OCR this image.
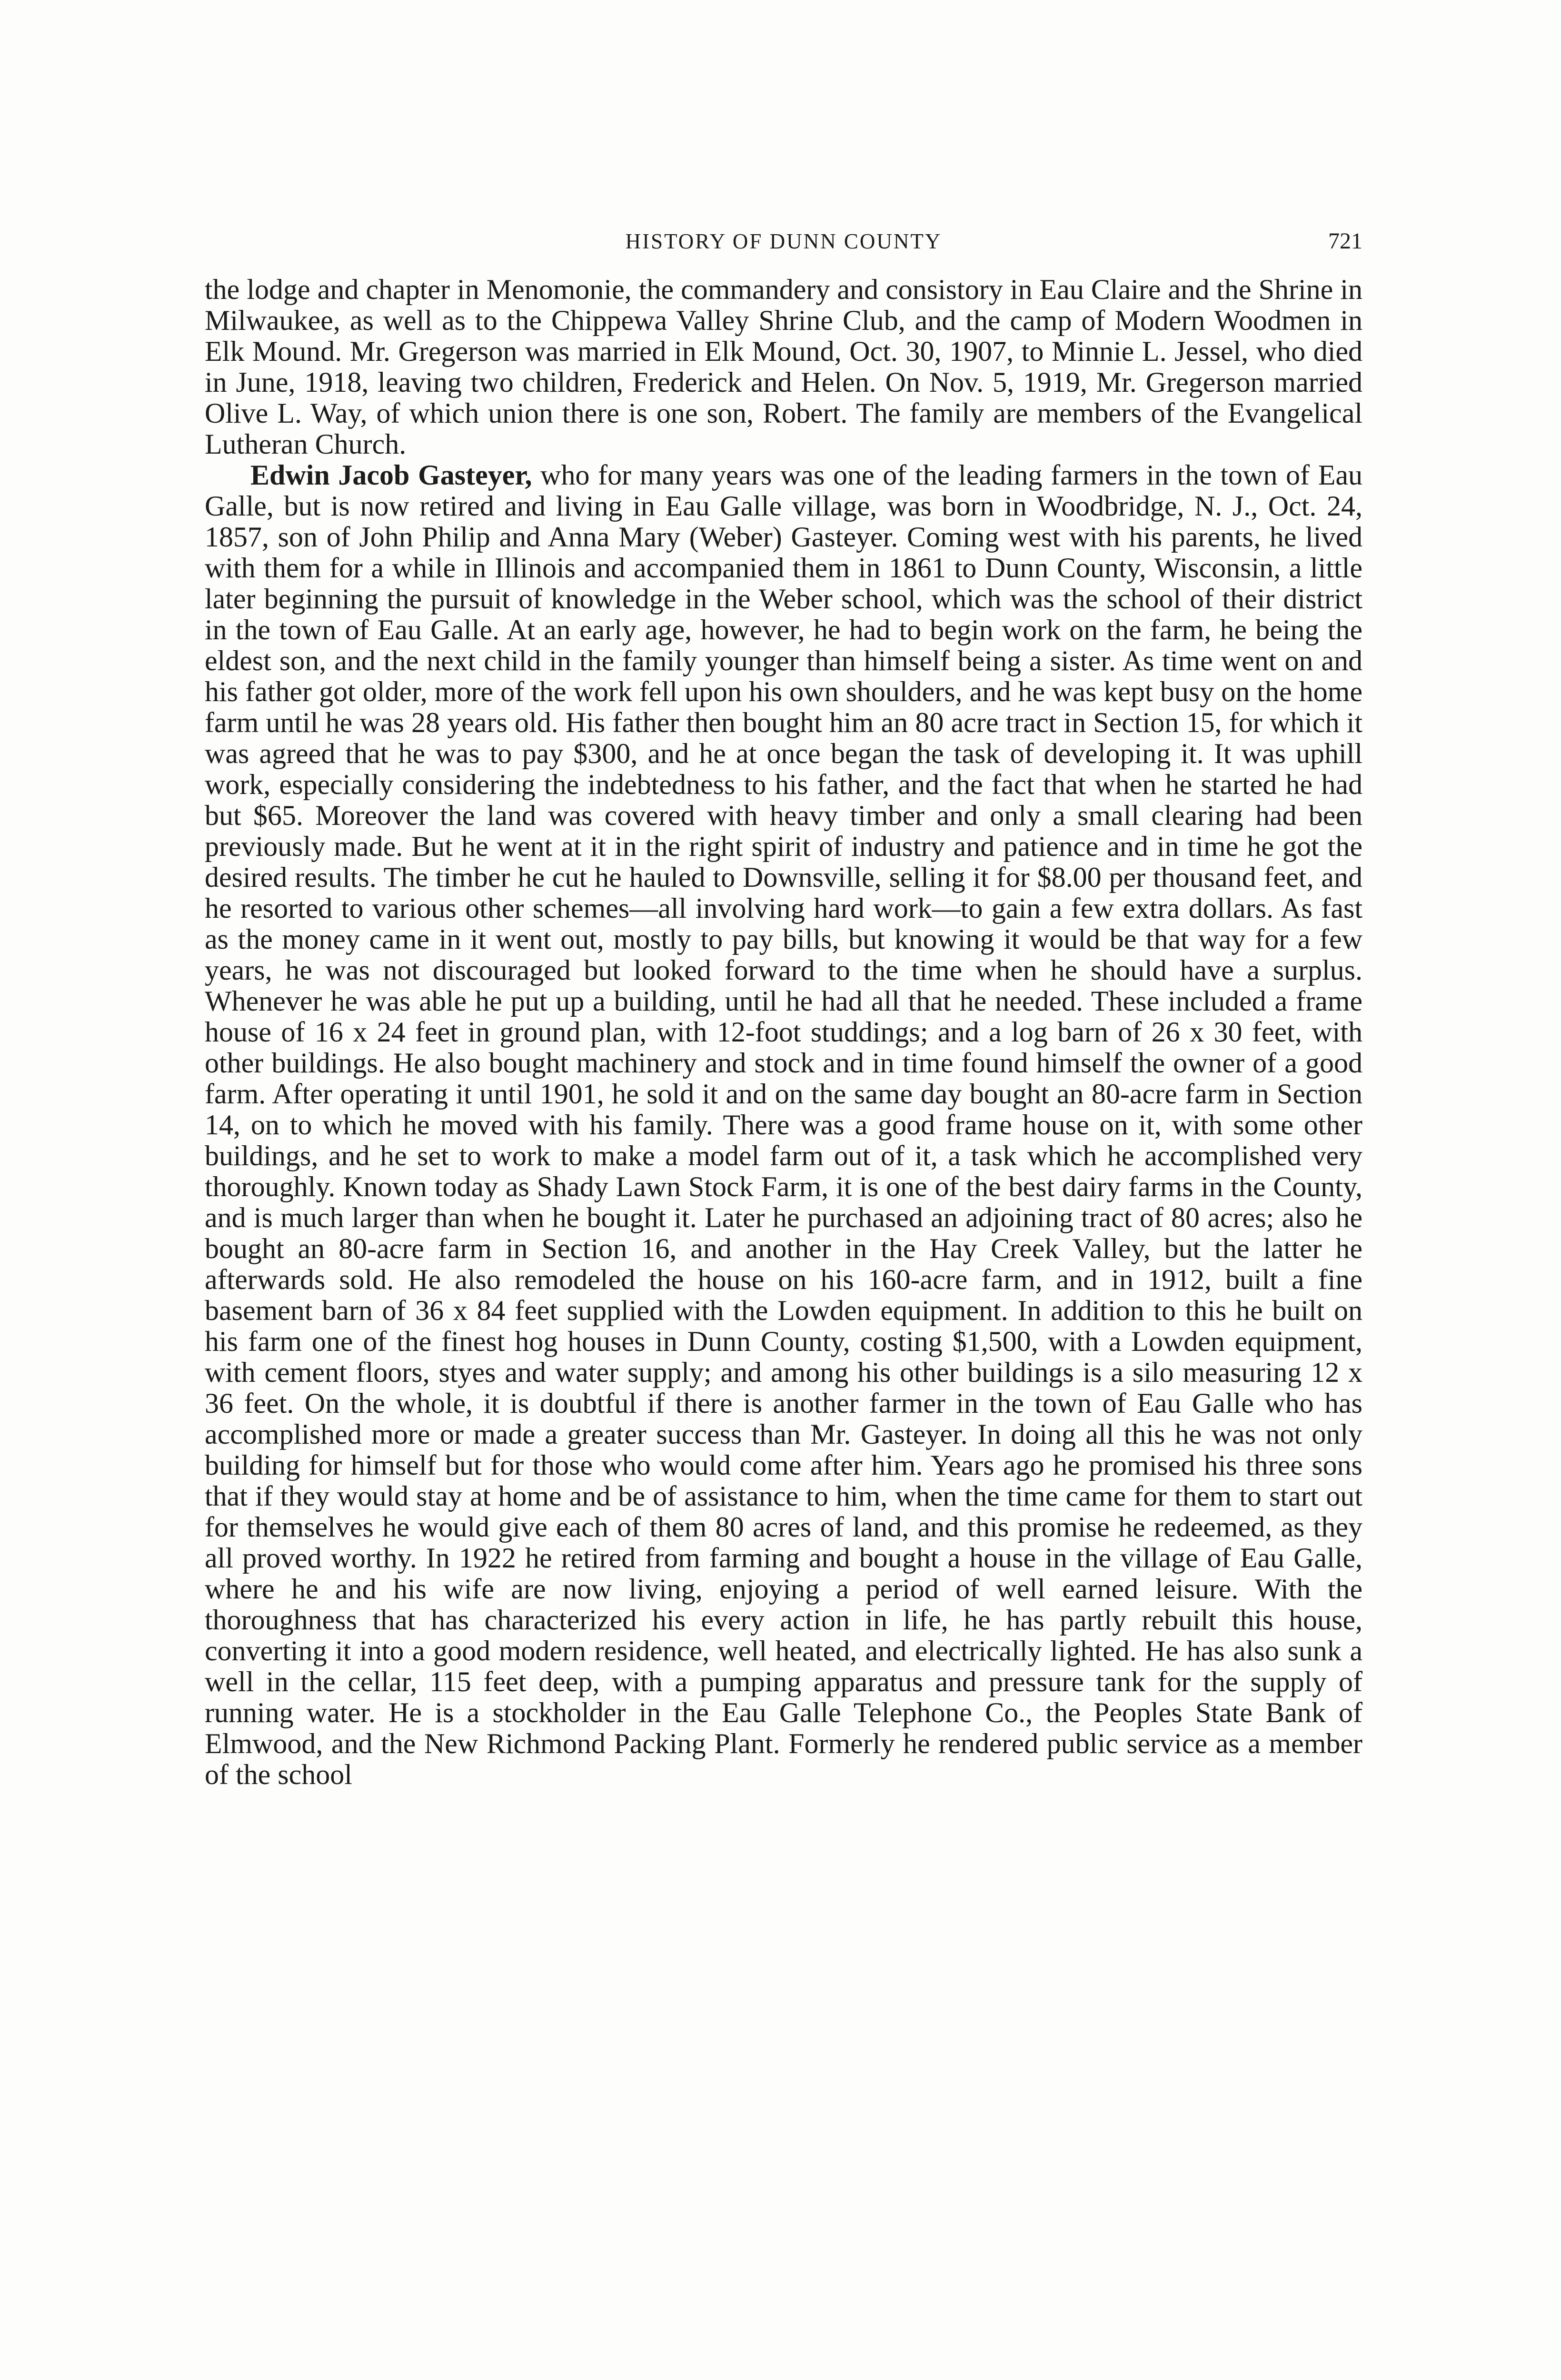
HISTORY OF DUNN COUNTY	721

the lodge and chapter in Menomonie, the commandery and consistory in Eau Claire and the Shrine in Milwaukee, as well as to the Chippewa Valley Shrine Club, and the camp of Modern Woodmen in Elk Mound. Mr. Gregerson was married in Elk Mound, Oct. 30, 1907, to Minnie L. Jessel, who died in June, 1918, leaving two children, Frederick and Helen. On Nov. 5, 1919, Mr. Gregerson married Olive L. Way, of which union there is one son, Robert. The family are members of the Evangelical Lutheran Church.

Edwin Jacob Gasteyer, who for many years was one of the leading farmers in the town of Eau Galle, but is now retired and living in Eau Galle village, was born in Woodbridge, N. J., Oct. 24, 1857, son of John Philip and Anna Mary (Weber) Gasteyer. Coming west with his parents, he lived with them for a while in Illinois and accompanied them in 1861 to Dunn County, Wisconsin, a little later beginning the pursuit of knowledge in the Weber school, which was the school of their district in the town of Eau Galle. At an early age, however, he had to begin work on the farm, he being the eldest son, and the next child in the family younger than himself being a sister. As time went on and his father got older, more of the work fell upon his own shoulders, and he was kept busy on the home farm until he was 28 years old. His father then bought him an 80 acre tract in Section 15, for which it was agreed that he was to pay $300, and he at once began the task of developing it. It was uphill work, especially considering the indebtedness to his father, and the fact that when he started he had but $65. Moreover the land was covered with heavy timber and only a small clearing had been previously made. But he went at it in the right spirit of industry and patience and in time he got the desired results. The timber he cut he hauled to Downsville, selling it for $8.00 per thousand feet, and he resorted to various other schemes—all involving hard work—to gain a few extra dollars. As fast as the money came in it went out, mostly to pay bills, but knowing it would be that way for a few years, he was not discouraged but looked forward to the time when he should have a surplus. Whenever he was able he put up a building, until he had all that he needed. These included a frame house of 16 x 24 feet in ground plan, with 12-foot studdings; and a log barn of 26 x 30 feet, with other buildings. He also bought machinery and stock and in time found himself the owner of a good farm. After operating it until 1901, he sold it and on the same day bought an 80-acre farm in Section 14, on to which he moved with his family. There was a good frame house on it, with some other buildings, and he set to work to make a model farm out of it, a task which he accomplished very thoroughly. Known today as Shady Lawn Stock Farm, it is one of the best dairy farms in the County, and is much larger than when he bought it. Later he purchased an adjoining tract of 80 acres; also he bought an 80-acre farm in Section 16, and another in the Hay Creek Valley, but the latter he afterwards sold. He also remodeled the house on his 160-acre farm, and in 1912, built a fine basement barn of 36 x 84 feet supplied with the Lowden equipment. In addition to this he built on his farm one of the finest hog houses in Dunn County, costing $1,500, with a Lowden equipment, with cement floors, styes and water supply; and among his other buildings is a silo measuring 12 x 36 feet. On the whole, it is doubtful if there is another farmer in the town of Eau Galle who has accomplished more or made a greater success than Mr. Gasteyer. In doing all this he was not only building for himself but for those who would come after him. Years ago he promised his three sons that if they would stay at home and be of assistance to him, when the time came for them to start out for themselves he would give each of them 80 acres of land, and this promise he redeemed, as they all proved worthy. In 1922 he retired from farming and bought a house in the village of Eau Galle, where he and his wife are now living, enjoying a period of well earned leisure. With the thoroughness that has characterized his every action in life, he has partly rebuilt this house, converting it into a good modern residence, well heated, and electrically lighted. He has also sunk a well in the cellar, 115 feet deep, with a pumping apparatus and pressure tank for the supply of running water. He is a stockholder in the Eau Galle Telephone Co., the Peoples State Bank of Elmwood, and the New Richmond Packing Plant. Formerly he rendered public service as a member of the school
